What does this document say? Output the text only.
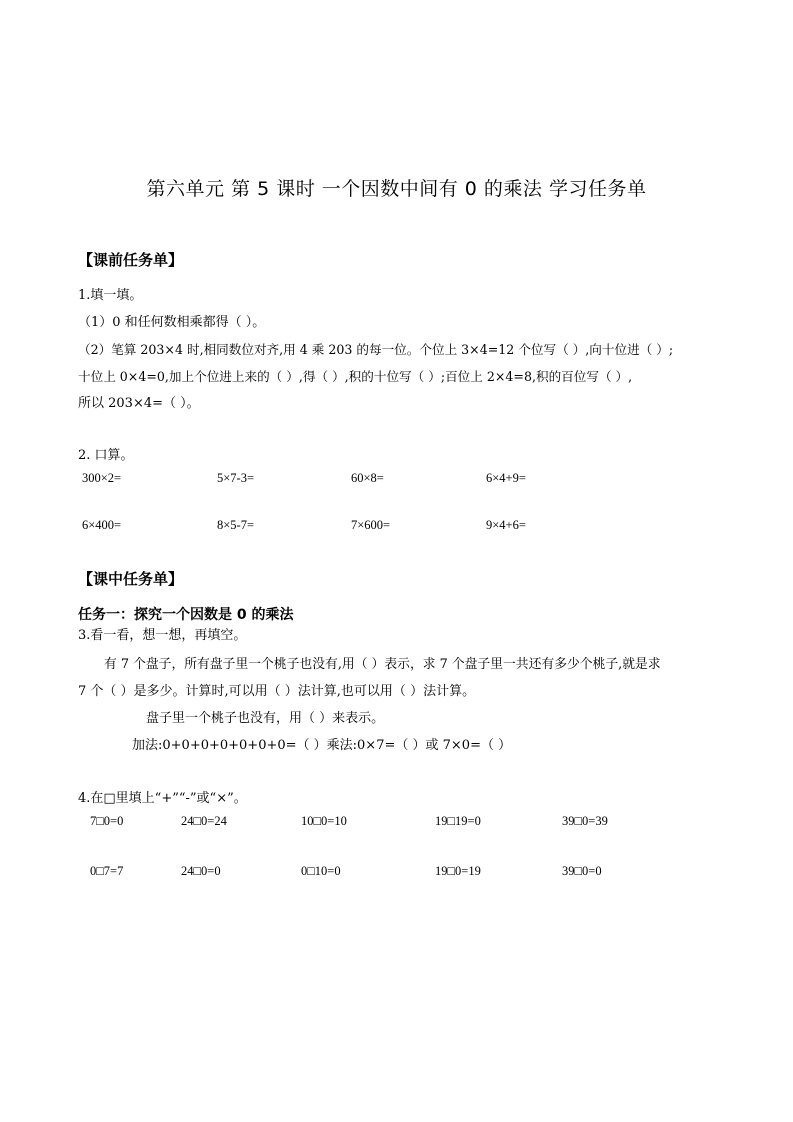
第六单元 第 5 课时 一个因数中间有 0 的乘法 学习任务单
【课前任务单】
1.填一填。
（1）0 和任何数相乘都得（ ）。
（2）笔算 203×4 时,相同数位对齐,用 4 乘 203 的每一位。个位上 3×4=12 个位写（ ）,向十位进（ ）;
十位上 0×4=0,加上个位进上来的（ ）,得（ ）,积的十位写（ ）;百位上 2×4=8,积的百位写（ ）,
所以 203×4=（ ）。
2. 口算。
300×2=	5×7-3=	60×8=	6×4+9=
6×400=	8×5-7=	7×600=	9×4+6=
【课中任务单】
任务一：探究一个因数是 0 的乘法
3.看一看，想一想，再填空。
有 7 个盘子，所有盘子里一个桃子也没有,用（ ）表示，求 7 个盘子里一共还有多少个桃子,就是求
7 个（ ）是多少。计算时,可以用（ ）法计算,也可以用（ ）法计算。
盘子里一个桃子也没有，用（ ）来表示。
加法:0+0+0+0+0+0+0=（ ）乘法:0×7=（ ）或 7×0=（ ）
4.在□里填上“+”“-”或“×”。
7□0=0	24□0=24	10□0=10	19□19=0	39□0=39
0□7=7	24□0=0	0□10=0	19□0=19	39□0=0
